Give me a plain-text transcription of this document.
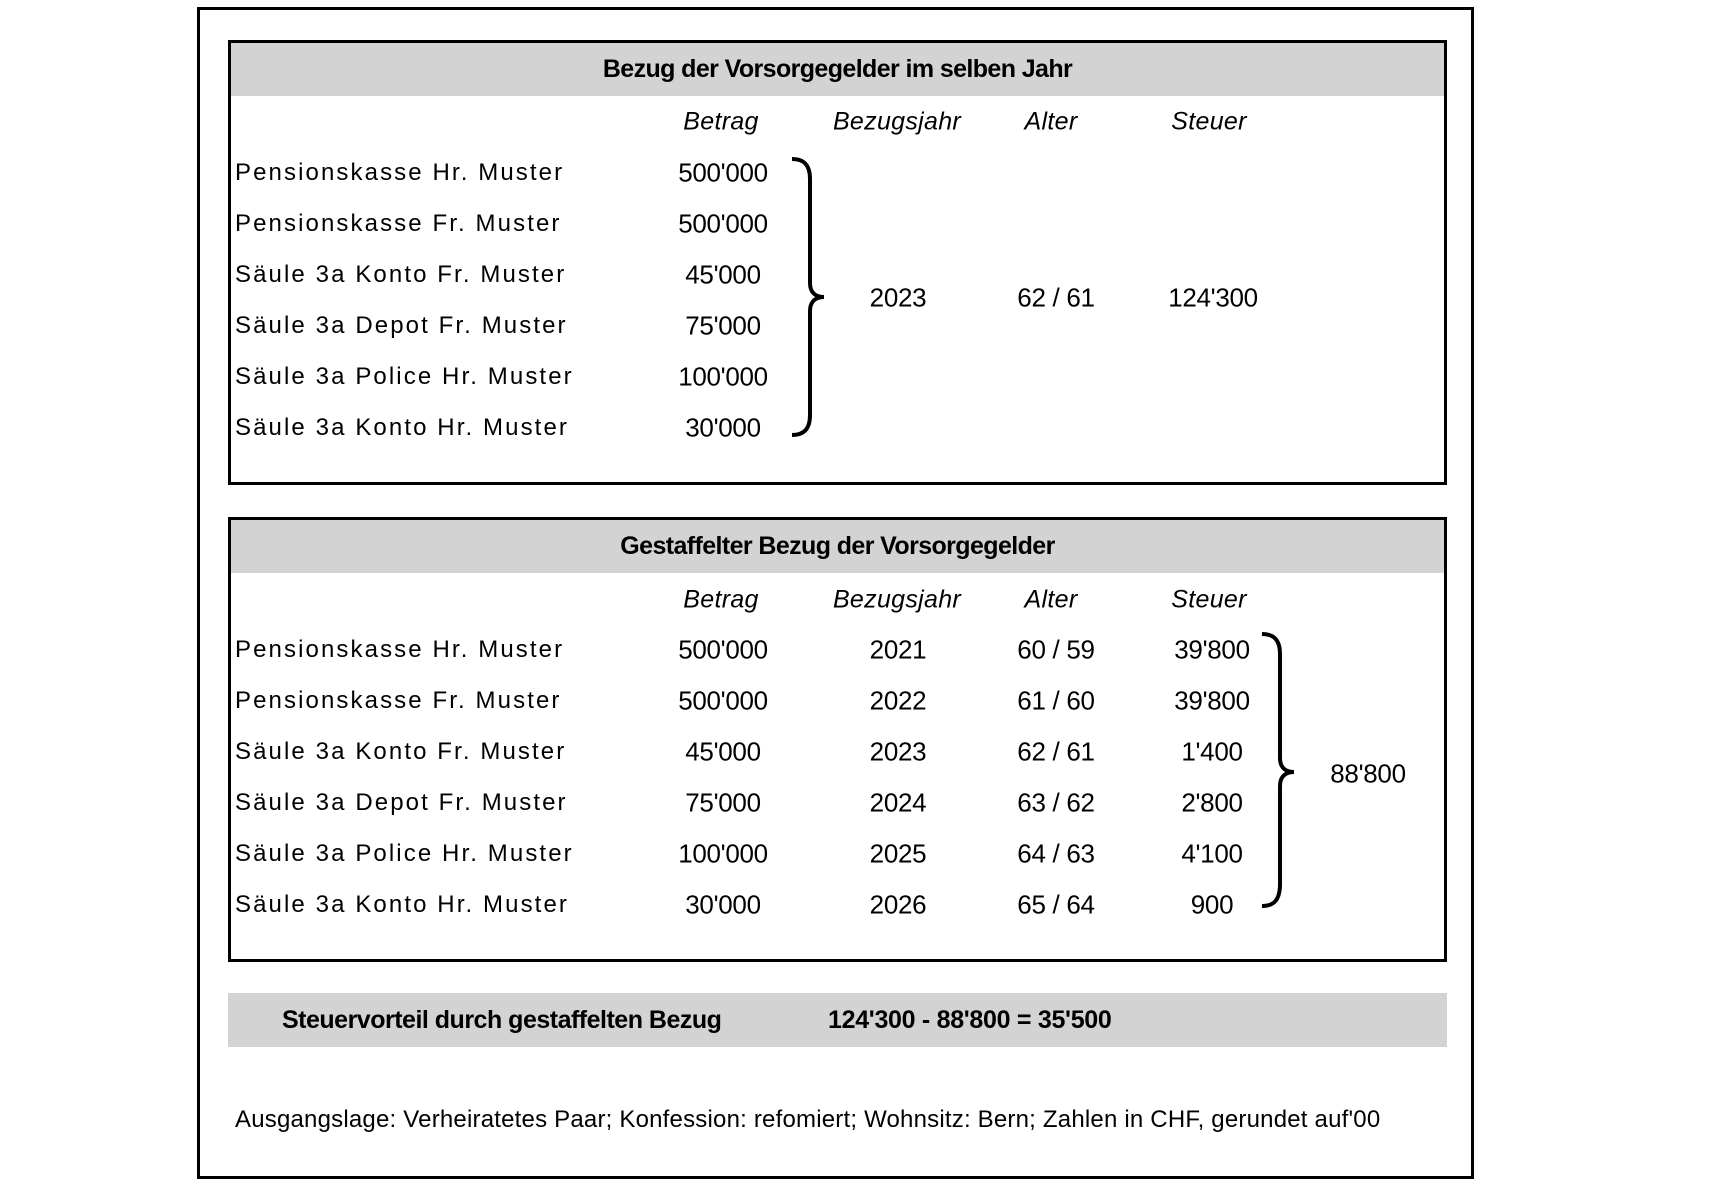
Bezug der Vorsorgegelder im selben Jahr
Gestaffelter Bezug der Vorsorgegelder
Betrag	Bezugsjahr	Alter	Steuer
Pensionskasse Hr. Muster	500'000
Pensionskasse Fr. Muster	500'000
Säule 3a Konto Fr. Muster	45'000
Säule 3a Depot Fr. Muster	75'000
Säule 3a Police Hr. Muster	100'000
Säule 3a Konto Hr. Muster	30'000
2023	62 / 61	124'300
Betrag	Bezugsjahr	Alter	Steuer
Pensionskasse Hr. Muster	500'000	2021	60 / 59	39'800
Pensionskasse Fr. Muster	500'000	2022	61 / 60	39'800
Säule 3a Konto Fr. Muster	45'000	2023	62 / 61	1'400
Säule 3a Depot Fr. Muster	75'000	2024	63 / 62	2'800
Säule 3a Police Hr. Muster	100'000	2025	64 / 63	4'100
Säule 3a Konto Hr. Muster	30'000	2026	65 / 64	900
88'800
Steuervorteil durch gestaffelten Bezug	124'300 - 88'800 = 35'500
Ausgangslage: Verheiratetes Paar; Konfession: refomiert; Wohnsitz: Bern; Zahlen in CHF, gerundet auf'00
